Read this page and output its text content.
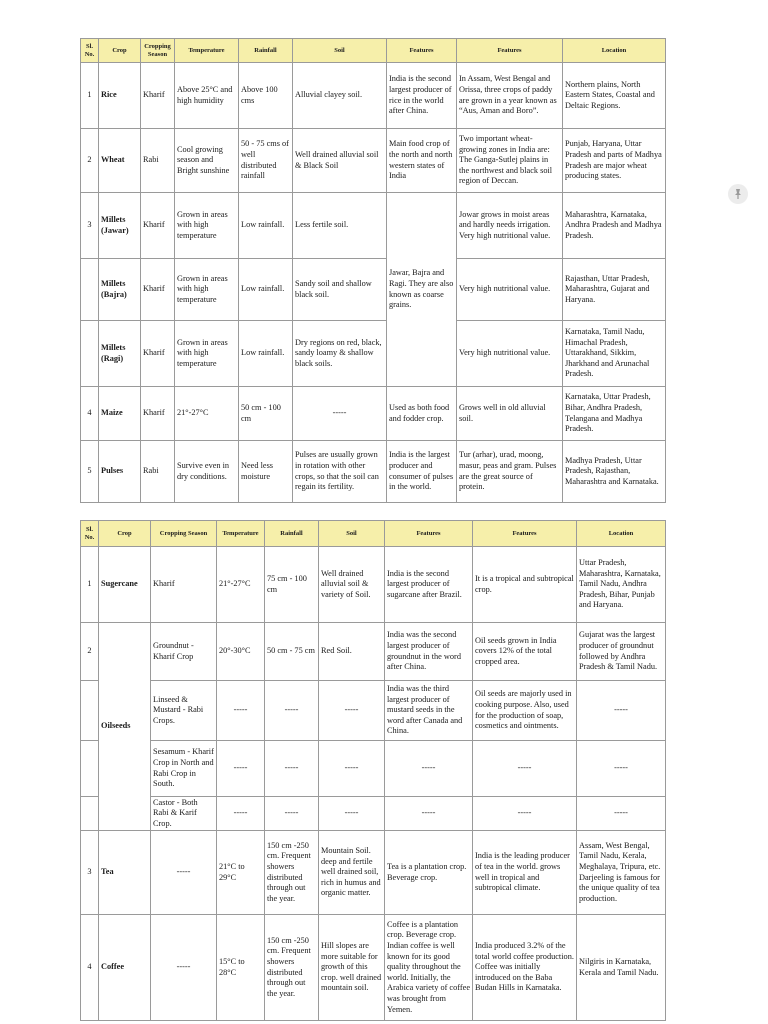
Sl. No.	Crop	Cropping Season	Temperature	Rainfall	Soil	Features	Features	Location
1	Rice	Kharif	Above 25°C and high humidity	Above 100 cms	Alluvial clayey soil.	India is the second largest producer of rice in the world after China.	In Assam, West Bengal and Orissa, three crops of paddy are grown in a year known as “Aus, Aman and Boro”.	Northern plains, North Eastern States, Coastal and Deltaic Regions.
2	Wheat	Rabi	Cool growing season and Bright sunshine	50 - 75 cms of well distributed rainfall	Well drained alluvial soil & Black Soil	Main food crop of the north and north western states of India	Two important wheat-growing zones in India are: The Ganga-Sutlej plains in the northwest and black soil region of Deccan.	Punjab, Haryana, Uttar Pradesh and parts of Madhya Pradesh are major wheat producing states.
3	Millets (Jawar)	Kharif	Grown in areas with high temperature	Low rainfall.	Less fertile soil.	Jawar, Bajra and Ragi. They are also known as coarse grains.	Jowar grows in moist areas and hardly needs irrigation. Very high nutritional value.	Maharashtra, Karnataka, Andhra Pradesh and Madhya Pradesh.
	Millets (Bajra)	Kharif	Grown in areas with high temperature	Low rainfall.	Sandy soil and shallow black soil.		Very high nutritional value.	Rajasthan, Uttar Pradesh, Maharashtra, Gujarat and Haryana.
	Millets (Ragi)	Kharif	Grown in areas with high temperature	Low rainfall.	Dry regions on red, black, sandy loamy & shallow black soils.		Very high nutritional value.	Karnataka, Tamil Nadu, Himachal Pradesh, Uttarakhand, Sikkim, Jharkhand and Arunachal Pradesh.
4	Maize	Kharif	21°-27°C	50 cm - 100 cm	-----	Used as both food and fodder crop.	Grows well in old alluvial soil.	Karnataka, Uttar Pradesh, Bihar, Andhra Pradesh, Telangana and Madhya Pradesh.
5	Pulses	Rabi	Survive even in dry conditions.	Need less moisture	Pulses are usually grown in rotation with other crops, so that the soil can regain its fertility.	India is the largest producer and consumer of pulses in the world.	Tur (arhar), urad, moong, masur, peas and gram. Pulses are the great source of protein.	Madhya Pradesh, Uttar Pradesh, Rajasthan, Maharashtra and Karnataka.
Sl. No.	Crop	Cropping Season	Temperature	Rainfall	Soil	Features	Features	Location
1	Sugercane	Kharif	21°-27°C	75 cm - 100 cm	Well drained alluvial soil & variety of Soil.	India is the second largest producer of sugarcane after Brazil.	It is a tropical and subtropical crop.	Uttar Pradesh, Maharashtra, Karnataka, Tamil Nadu, Andhra Pradesh, Bihar, Punjab and Haryana.
2	Oilseeds	Groundnut - Kharif Crop	20°-30°C	50 cm - 75 cm	Red Soil.	India was the second largest producer of groundnut in the word after China.	Oil seeds grown in India covers 12% of the total cropped area.	Gujarat was the largest producer of groundnut followed by Andhra Pradesh & Tamil Nadu.
		Linseed & Mustard - Rabi Crops.	-----	-----	-----	India was the third largest producer of mustard seeds in the word after Canada and China.	Oil seeds are majorly used in cooking purpose. Also, used for the production of soap, cosmetics and ointments.	-----
		Sesamum - Kharif Crop in North and Rabi Crop in South.	-----	-----	-----	-----	-----	-----
		Castor - Both Rabi & Karif Crop.	-----	-----	-----	-----	-----	-----
3	Tea	-----	21°C to 29°C	150 cm -250 cm. Frequent showers distributed through out the year.	Mountain Soil. deep and fertile well drained soil, rich in humus and organic matter.	Tea is a plantation crop. Beverage crop.	India is the leading producer of tea in the world. grows well in tropical and subtropical climate.	Assam, West Bengal, Tamil Nadu, Kerala, Meghalaya, Tripura, etc. Darjeeling is famous for the unique quality of tea production.
4	Coffee	-----	15°C to 28°C	150 cm -250 cm. Frequent showers distributed through out the year.	Hill slopes are more suitable for growth of this crop. well drained mountain soil.	Coffee is a plantation crop. Beverage crop. Indian coffee is well known for its good quality throughout the world. Initially, the Arabica variety of coffee was brought from Yemen.	India produced 3.2% of the total world coffee production. Coffee was initially introduced on the Baba Budan Hills in Karnataka.	Nilgiris in Karnataka, Kerala and Tamil Nadu.
